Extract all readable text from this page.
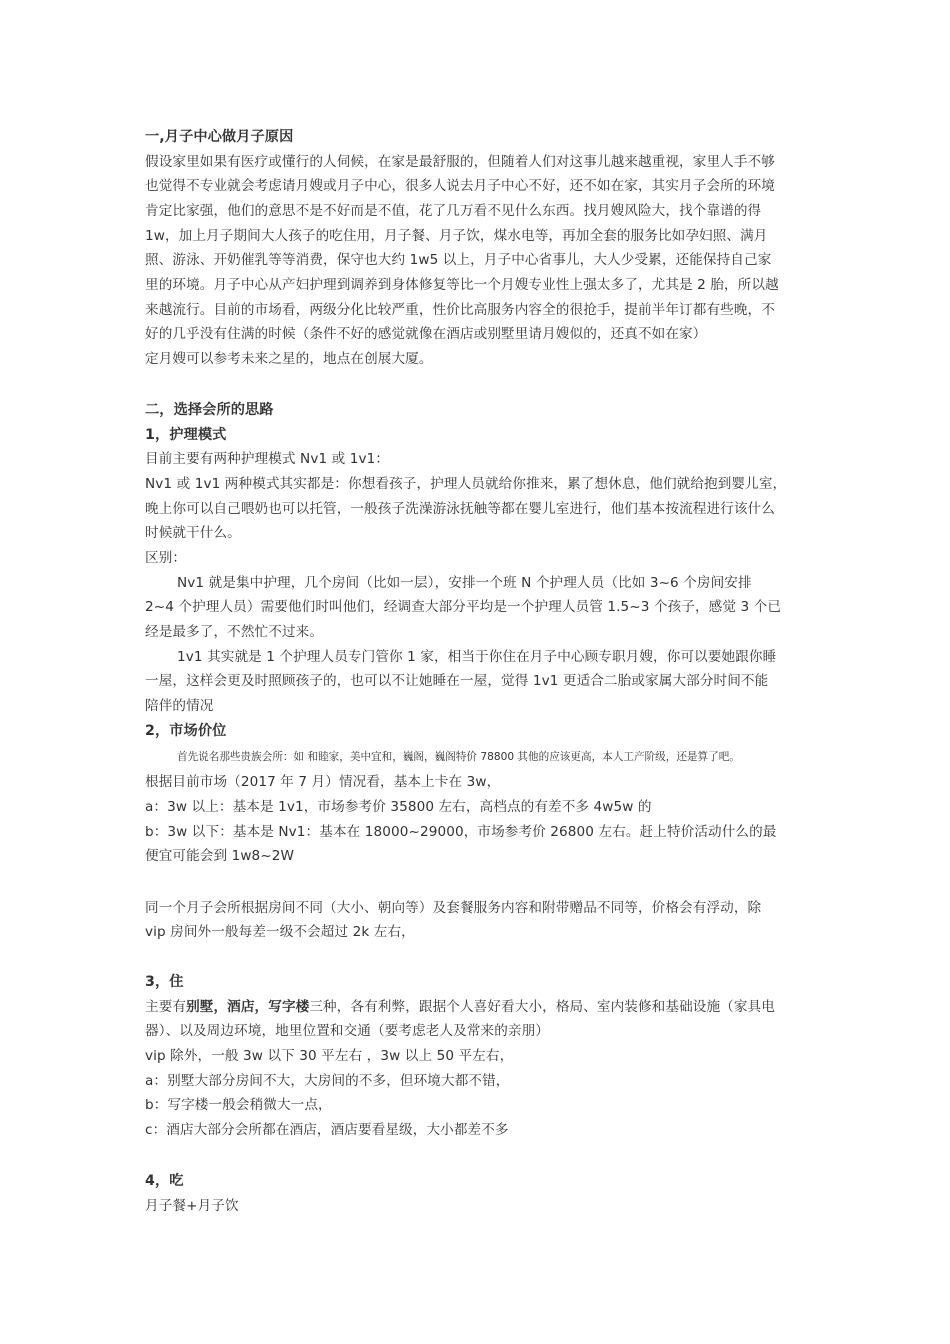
一,月子中心做月子原因

假设家里如果有医疗或懂行的人伺候，在家是最舒服的，但随着人们对这事儿越来越重视，家里人手不够

也觉得不专业就会考虑请月嫂或月子中心，很多人说去月子中心不好，还不如在家，其实月子会所的环境

肯定比家强，他们的意思不是不好而是不值，花了几万看不见什么东西。找月嫂风险大，找个靠谱的得

1w，加上月子期间大人孩子的吃住用，月子餐、月子饮，煤水电等，再加全套的服务比如孕妇照、满月

照、游泳、开奶催乳等等消费，保守也大约 1w5 以上，月子中心省事儿，大人少受累，还能保持自己家

里的环境。月子中心从产妇护理到调养到身体修复等比一个月嫂专业性上强太多了，尤其是 2 胎，所以越

来越流行。目前的市场看，两级分化比较严重，性价比高服务内容全的很抢手，提前半年订都有些晚，不

好的几乎没有住满的时候（条件不好的感觉就像在酒店或别墅里请月嫂似的，还真不如在家）

定月嫂可以参考未来之星的，地点在创展大厦。

二，选择会所的思路

1，护理模式

目前主要有两种护理模式 Nv1 或 1v1：

Nv1 或 1v1 两种模式其实都是：你想看孩子，护理人员就给你推来，累了想休息，他们就给抱到婴儿室，

晚上你可以自己喂奶也可以托管，一般孩子洗澡游泳抚触等都在婴儿室进行，他们基本按流程进行该什么

时候就干什么。

区别：

Nv1 就是集中护理，几个房间（比如一层），安排一个班 N 个护理人员（比如 3~6 个房间安排

2~4 个护理人员）需要他们时叫他们，经调查大部分平均是一个护理人员管 1.5~3 个孩子，感觉 3 个已

经是最多了，不然忙不过来。

1v1 其实就是 1 个护理人员专门管你 1 家，相当于你住在月子中心顾专职月嫂，你可以要她跟你睡

一屋，这样会更及时照顾孩子的，也可以不让她睡在一屋，觉得 1v1 更适合二胎或家属大部分时间不能

陪伴的情况

2，市场价位

首先说名那些贵族会所：如 和睦家，美中宜和，巍阁，巍阁特价 78800 其他的应该更高，本人工产阶级，还是算了吧。

根据目前市场（2017 年 7 月）情况看，基本上卡在 3w，

a：3w 以上：基本是 1v1，市场参考价 35800 左右，高档点的有差不多 4w5w 的

b：3w 以下：基本是 Nv1：基本在 18000~29000，市场参考价 26800 左右。赶上特价活动什么的最

便宜可能会到 1w8~2W

同一个月子会所根据房间不同（大小、朝向等）及套餐服务内容和附带赠品不同等，价格会有浮动，除

vip 房间外一般每差一级不会超过 2k 左右，

3，住

主要有别墅，酒店，写字楼三种，各有利弊，跟据个人喜好看大小，格局、室内装修和基础设施（家具电

器）、以及周边环境，地里位置和交通（要考虑老人及常来的亲朋）

vip 除外，一般 3w 以下 30 平左右 ，3w 以上 50 平左右，

a：别墅大部分房间不大，大房间的不多，但环境大都不错，

b：写字楼一般会稍微大一点，

c：酒店大部分会所都在酒店，酒店要看星级，大小都差不多

4，吃

月子餐+月子饮
